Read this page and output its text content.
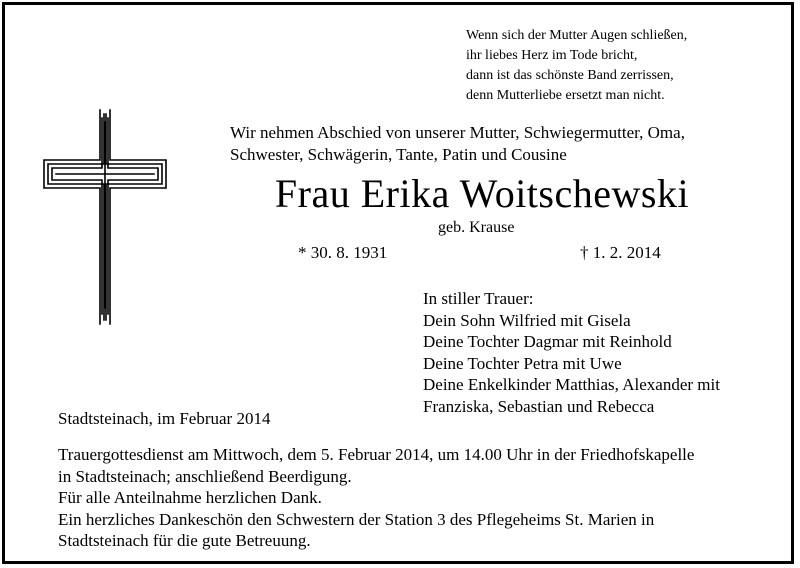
Wenn sich der Mutter Augen schließen,
ihr liebes Herz im Tode bricht,
dann ist das schönste Band zerrissen,
denn Mutterliebe ersetzt man nicht.
Wir nehmen Abschied von unserer Mutter, Schwiegermutter, Oma,
Schwester, Schwägerin, Tante, Patin und Cousine
Frau Erika Woitschewski
geb. Krause
* 30. 8. 1931	† 1. 2. 2014
In stiller Trauer:
Dein Sohn Wilfried mit Gisela
Deine Tochter Dagmar mit Reinhold
Deine Tochter Petra mit Uwe
Deine Enkelkinder Matthias, Alexander mit
Franziska, Sebastian und Rebecca
Stadtsteinach, im Februar 2014
Trauergottesdienst am Mittwoch, dem 5. Februar 2014, um 14.00 Uhr in der Friedhofskapelle
in Stadtsteinach; anschließend Beerdigung.
Für alle Anteilnahme herzlichen Dank.
Ein herzliches Dankeschön den Schwestern der Station 3 des Pflegeheims St. Marien in
Stadtsteinach für die gute Betreuung.
